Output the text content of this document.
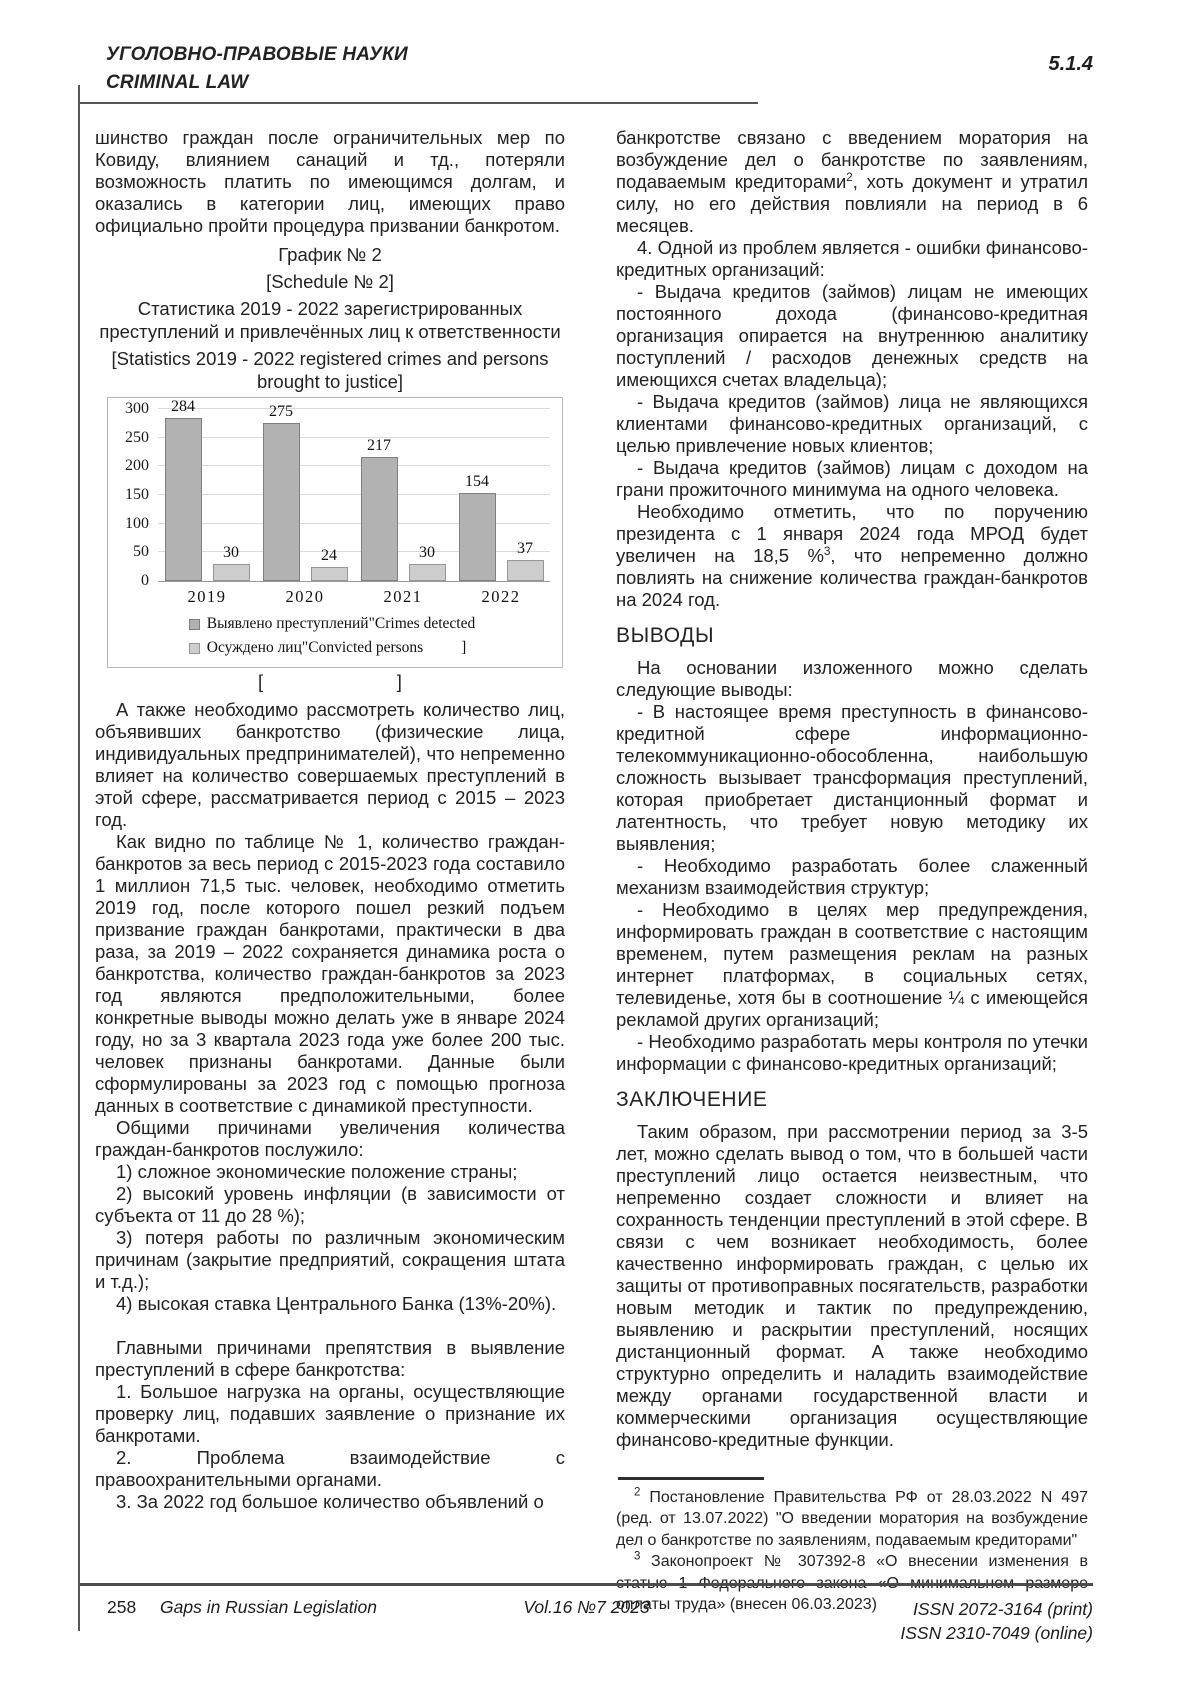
УГОЛОВНО-ПРАВОВЫЕ НАУКИ
CRIMINAL LAW
5.1.4

шинство граждан после ограничительных мер по Ковиду, влиянием санаций и тд., потеряли возможность платить по имеющимся долгам, и оказались в категории лиц, имеющих право официально пройти процедура призвании банкротом.

График № 2

[Schedule № 2]

Статистика 2019 - 2022 зарегистрированных преступлений и привлечённых лиц к ответственности

[Statistics 2019 - 2022 registered crimes and persons brought to justice]

0
50
100
150
200
250
300 284
30
275
24
217
30
154
37
2019	2020	2021	2022
Выявлено преступлений"Crimes detected
Осуждено лиц"Convicted persons ]

[                          ]

А также необходимо рассмотреть количество лиц, объявивших банкротство (физические лица, индивидуальных предпринимателей), что непременно влияет на количество совершаемых преступлений в этой сфере, рассматривается период с 2015 – 2023 год.

Как видно по таблице № 1, количество граждан-банкротов за весь период с 2015-2023 года составило 1 миллион 71,5 тыс. человек, необходимо отметить 2019 год, после которого пошел резкий подъем призвание граждан банкротами, практически в два раза, за 2019 – 2022 сохраняется динамика роста о банкротства, количество граждан-банкротов за 2023 год являются предположительными, более конкретные выводы можно делать уже в январе 2024 году, но за 3 квартала 2023 года уже более 200 тыс. человек признаны банкротами. Данные были сформулированы за 2023 год с помощью прогноза данных в соответствие с динамикой преступности.

Общими причинами увеличения количества граждан-банкротов послужило:

1) сложное экономические положение страны;

2) высокий уровень инфляции (в зависимости от субъекта от 11 до 28 %);

3) потеря работы по различным экономическим причинам (закрытие предприятий, сокращения штата и т.д.);

4) высокая ставка Центрального Банка (13%-20%).

Главными причинами препятствия в выявление преступлений в сфере банкротства:

1. Большое нагрузка на органы, осуществляющие проверку лиц, подавших заявление о признание их банкротами.

2. Проблема взаимодействие с правоохранительными органами.

3. За 2022 год большое количество объявлений о

банкротстве связано с введением моратория на возбуждение дел о банкротстве по заявлениям, подаваемым кредиторами$^2$, хоть документ и утратил силу, но его действия повлияли на период в 6 месяцев.

4. Одной из проблем является - ошибки финансово-кредитных организаций:

- Выдача кредитов (займов) лицам не имеющих постоянного дохода (финансово-кредитная организация опирается на внутреннюю аналитику поступлений / расходов денежных средств на имеющихся счетах владельца);

- Выдача кредитов (займов) лица не являющихся клиентами финансово-кредитных организаций, с целью привлечение новых клиентов;

- Выдача кредитов (займов) лицам с доходом на грани прожиточного минимума на одного человека.

Необходимо отметить, что по поручению президента с 1 января 2024 года МРОД будет увеличен на 18,5 %$^3$, что непременно должно повлиять на снижение количества граждан-банкротов на 2024 год.

ВЫВОДЫ

На основании изложенного можно сделать следующие выводы:

- В настоящее время преступность в финансово-кредитной сфере информационно-телекоммуникационно-обособленна, наибольшую сложность вызывает трансформация преступлений, которая приобретает дистанционный формат и латентность, что требует новую методику их выявления;

- Необходимо разработать более слаженный механизм взаимодействия структур;

- Необходимо в целях мер предупреждения, информировать граждан в соответствие с настоящим временем, путем размещения реклам на разных интернет платформах, в социальных сетях, телевиденье, хотя бы в соотношение ¼ с имеющейся рекламой других организаций;

- Необходимо разработать меры контроля по утечки информации с финансово-кредитных организаций;

ЗАКЛЮЧЕНИЕ

Таким образом, при рассмотрении период за 3-5 лет, можно сделать вывод о том, что в большей части преступлений лицо остается неизвестным, что непременно создает сложности и влияет на сохранность тенденции преступлений в этой сфере. В связи с чем возникает необходимость, более качественно информировать граждан, с целью их защиты от противоправных посягательств, разработки новым методик и тактик по предупреждению, выявлению и раскрытии преступлений, носящих дистанционный формат. А также необходимо структурно определить и наладить взаимодействие между органами государственной власти и коммерческими организация осуществляющие финансово-кредитные функции.

$^2$ Постановление Правительства РФ от 28.03.2022 N 497 (ред. от 13.07.2022) "О введении моратория на возбуждение дел о банкротстве по заявлениям, подаваемым кредиторами"

$^3$ Законопроект № 307392-8 «О внесении изменения в оплаты труда» (внесен 06.03.2023)

258 Gaps in Russian Legislation	Vol.16 №7 2023	ISSN 2072-3164 (print)
ISSN 2310-7049 (online)
